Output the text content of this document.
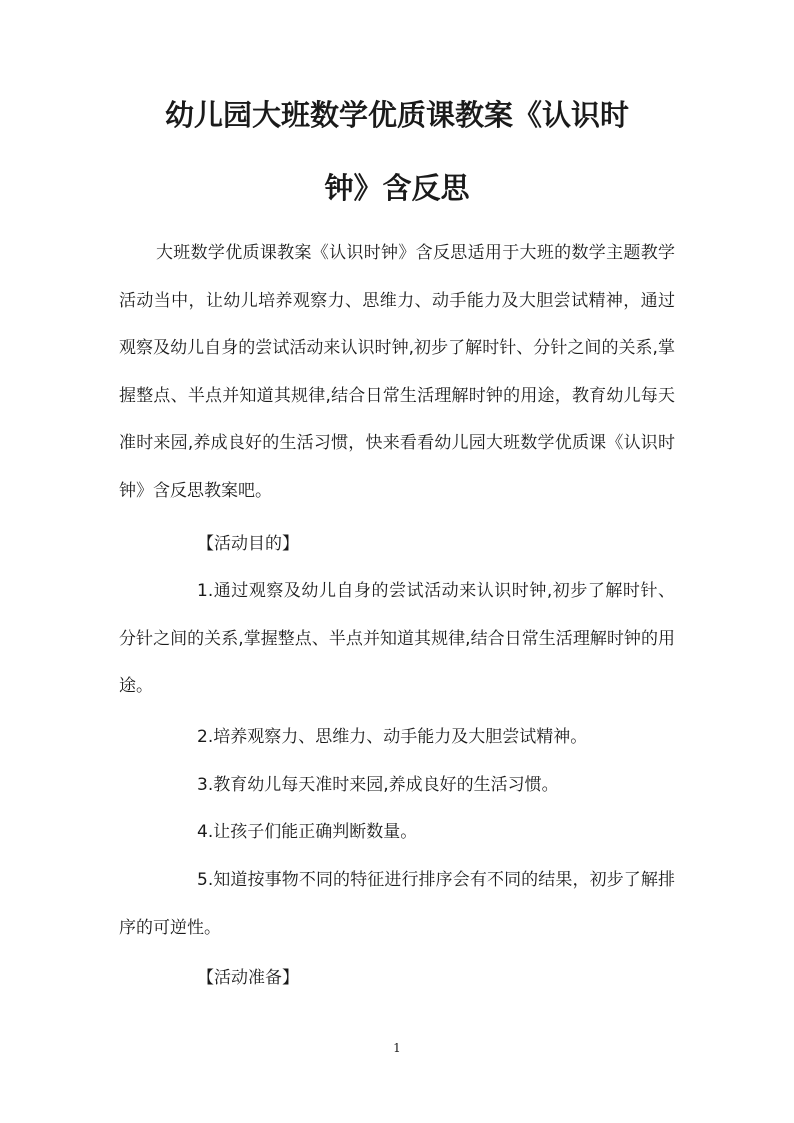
幼儿园大班数学优质课教案《认识时
钟》含反思

大班数学优质课教案《认识时钟》含反思适用于大班的数学主题教学活动当中，让幼儿培养观察力、思维力、动手能力及大胆尝试精神，通过观察及幼儿自身的尝试活动来认识时钟,初步了解时针、分针之间的关系,掌握整点、半点并知道其规律,结合日常生活理解时钟的用途，教育幼儿每天准时来园,养成良好的生活习惯，快来看看幼儿园大班数学优质课《认识时钟》含反思教案吧。

【活动目的】

1.通过观察及幼儿自身的尝试活动来认识时钟,初步了解时针、分针之间的关系,掌握整点、半点并知道其规律,结合日常生活理解时钟的用途。

2.培养观察力、思维力、动手能力及大胆尝试精神。

3.教育幼儿每天准时来园,养成良好的生活习惯。

4.让孩子们能正确判断数量。

5.知道按事物不同的特征进行排序会有不同的结果，初步了解排序的可逆性。

【活动准备】

1
